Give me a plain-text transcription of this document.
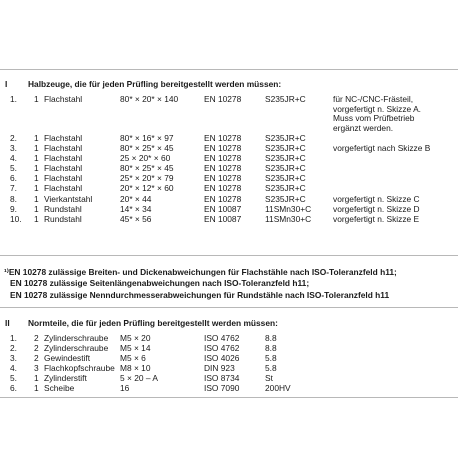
I Halbzeuge, die für jeden Prüfling bereitgestellt werden müssen:
1. 1 Flachstahl	80* × 20* × 140	EN 10278	S235JR+C	für NC-/CNC-Frästeil,
vorgefertigt n. Skizze A.
Muss vom Prüfbetrieb
ergänzt werden.
2. 1 Flachstahl	80* × 16* × 97	EN 10278	S235JR+C
3. 1 Flachstahl	80* × 25* × 45	EN 10278	S235JR+C	vorgefertigt nach Skizze B
4. 1 Flachstahl	25 × 20* × 60	EN 10278	S235JR+C
5. 1 Flachstahl	80* × 25* × 45	EN 10278	S235JR+C
6. 1 Flachstahl	25* × 20* × 79	EN 10278	S235JR+C
7. 1 Flachstahl	20* × 12* × 60	EN 10278	S235JR+C
8. 1 Vierkantstahl	20* × 44	EN 10278	S235JR+C	vorgefertigt n. Skizze C
9. 1 Rundstahl	14* × 34	EN 10087	11SMn30+C	vorgefertigt n. Skizze D
10. 1 Rundstahl	45* × 56	EN 10087	11SMn30+C	vorgefertigt n. Skizze E
¹⁾EN 10278 zulässige Breiten- und Dickenabweichungen für Flachstähle nach ISO-Toleranzfeld h11;
EN 10278 zulässige Seitenlängenabweichungen nach ISO-Toleranzfeld h11;
EN 10278 zulässige Nenndurchmesserabweichungen für Rundstähle nach ISO-Toleranzfeld h11
II Normteile, die für jeden Prüfling bereitgestellt werden müssen:
1. 2 Zylinderschraube M5 × 20	ISO 4762	8.8
2. 2 Zylinderschraube M5 × 14	ISO 4762	8.8
3. 2 Gewindestift	M5 × 6	ISO 4026	5.8
4. 3 Flachkopfschraube M8 × 10	DIN 923	5.8
5. 1 Zylinderstift	5 × 20 – A	ISO 8734	St
6. 1 Scheibe	16	ISO 7090	200HV
